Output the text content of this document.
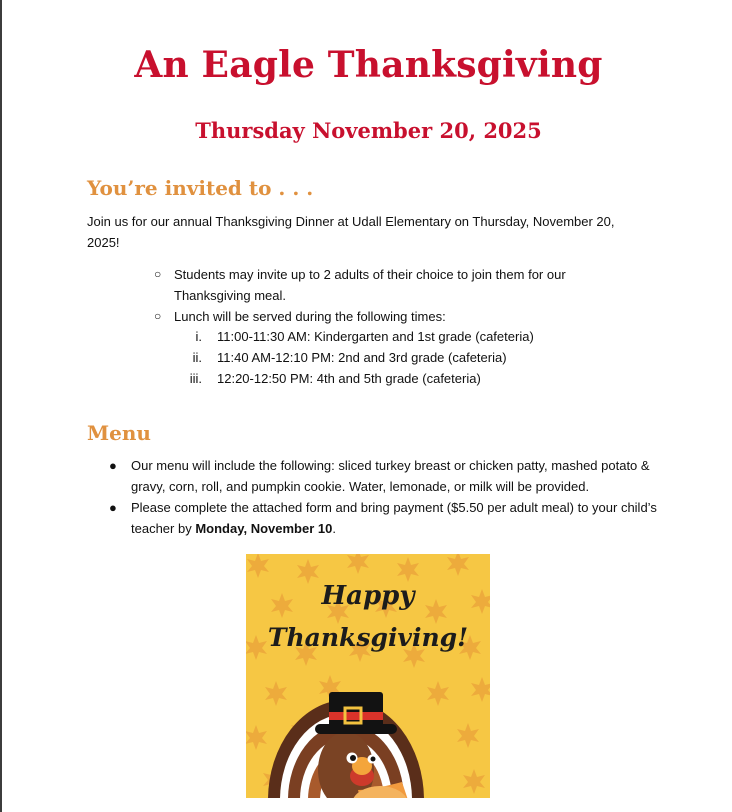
An Eagle Thanksgiving
Thursday November 20, 2025
You’re invited to . . .

Join us for our annual Thanksgiving Dinner at Udall Elementary on Thursday, November 20, 2025!

○ Students may invite up to 2 adults of their choice to join them for our Thanksgiving meal.
○ Lunch will be served during the following times:
i. 11:00-11:30 AM: Kindergarten and 1st grade (cafeteria)
ii. 11:40 AM-12:10 PM: 2nd and 3rd grade (cafeteria)
iii. 12:20-12:50 PM: 4th and 5th grade (cafeteria)
Menu
● Our menu will include the following: sliced turkey breast or chicken patty, mashed potato & gravy, corn, roll, and pumpkin cookie. Water, lemonade, or milk will be provided.
● Please complete the attached form and bring payment ($5.50 per adult meal) to your child’s teacher by Monday, November 10.
Happy
Thanksgiving!
